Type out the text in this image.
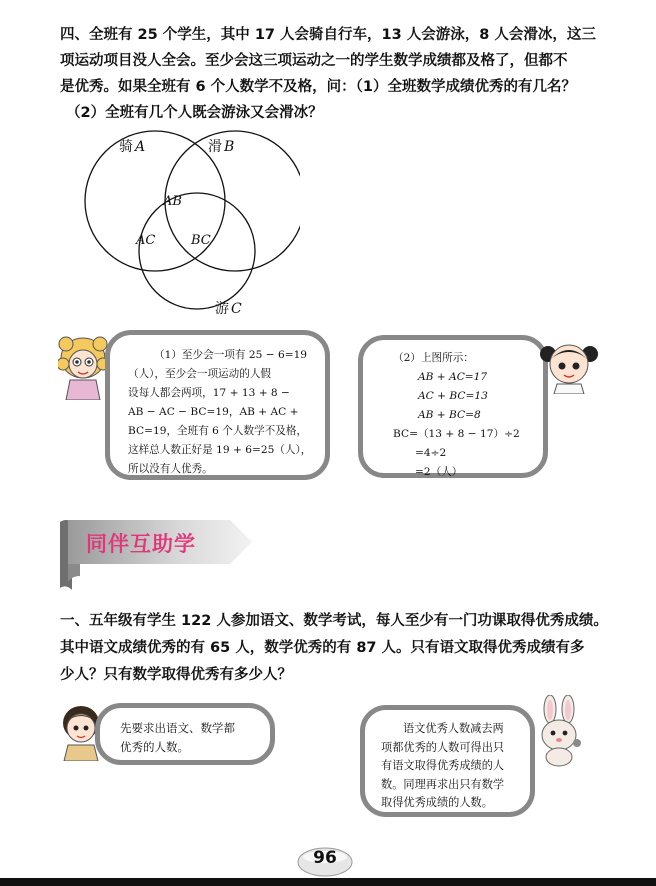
四、全班有 25 个学生，其中 17 人会骑自行车，13 人会游泳，8 人会滑冰，这三
项运动项目没人全会。至少会这三项运动之一的学生数学成绩都及格了，但都不
是优秀。如果全班有 6 个人数学不及格，问：（1）全班数学成绩优秀的有几名？
（2）全班有几个人既会游泳又会滑冰？
骑 A	滑 B
游 C
AB
AC	BC
（1）至少会一项有 25 − 6=19
（人），至少会一项运动的人假
设每人都会两项，17 + 13 + 8 −
AB − AC − BC=19，AB + AC +
BC=19，全班有 6 个人数学不及格，
这样总人数正好是 19 + 6=25（人），
所以没有人优秀。
（2）上图所示：
AB + AC=17
AC + BC=13
AB + BC=8
BC=（13 + 8 − 17）÷2
=4÷2
=2（人）
同伴互助学
一、五年级有学生 122 人参加语文、数学考试，每人至少有一门功课取得优秀成绩。
其中语文成绩优秀的有 65 人，数学优秀的有 87 人。只有语文取得优秀成绩有多
少人？只有数学取得优秀有多少人？
先要求出语文、数学都
优秀的人数。
语文优秀人数减去两
项都优秀的人数可得出只
有语文取得优秀成绩的人
数。同理再求出只有数学
取得优秀成绩的人数。
96
